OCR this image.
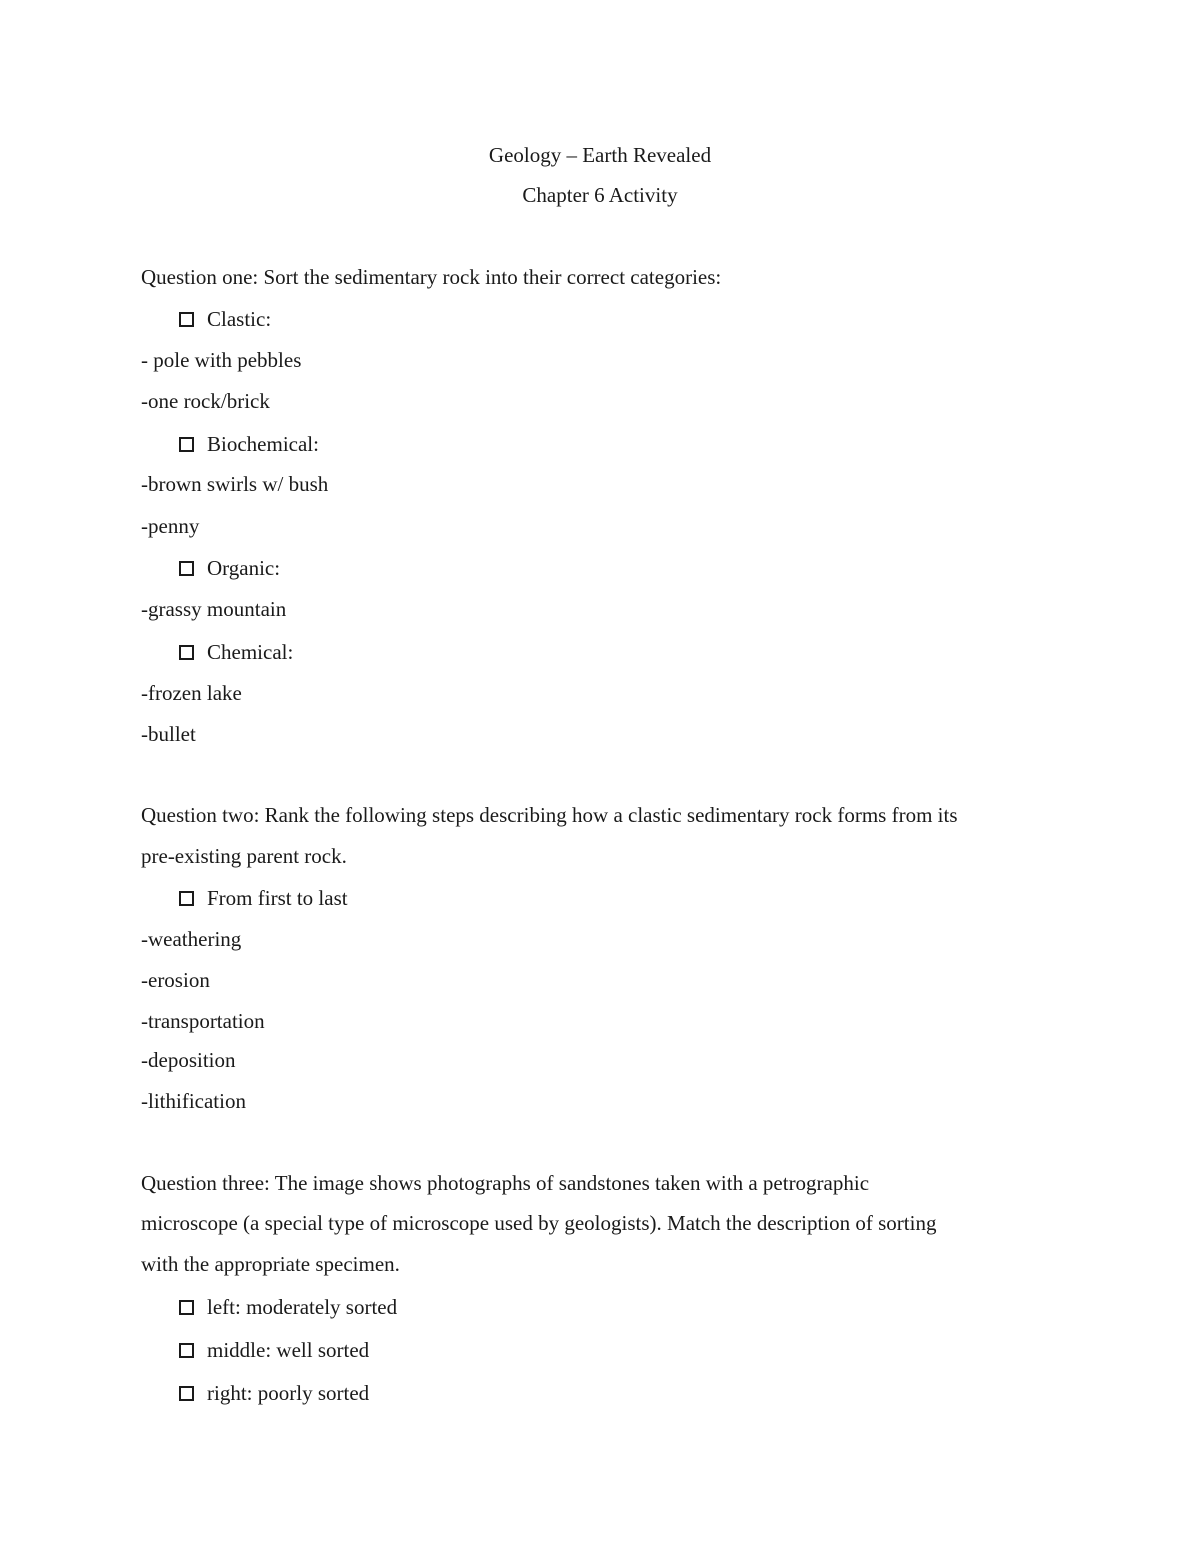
Geology – Earth Revealed
Chapter 6 Activity
Question one: Sort the sedimentary rock into their correct categories:
Clastic:
- pole with pebbles
-one rock/brick
Biochemical:
-brown swirls w/ bush
-penny
Organic:
-grassy mountain
Chemical:
-frozen lake
-bullet
Question two: Rank the following steps describing how a clastic sedimentary rock forms from its
pre-existing parent rock.
From first to last
-weathering
-erosion
-transportation
-deposition
-lithification
Question three: The image shows photographs of sandstones taken with a petrographic
microscope (a special type of microscope used by geologists). Match the description of sorting
with the appropriate specimen.
left: moderately sorted
middle: well sorted
right: poorly sorted
